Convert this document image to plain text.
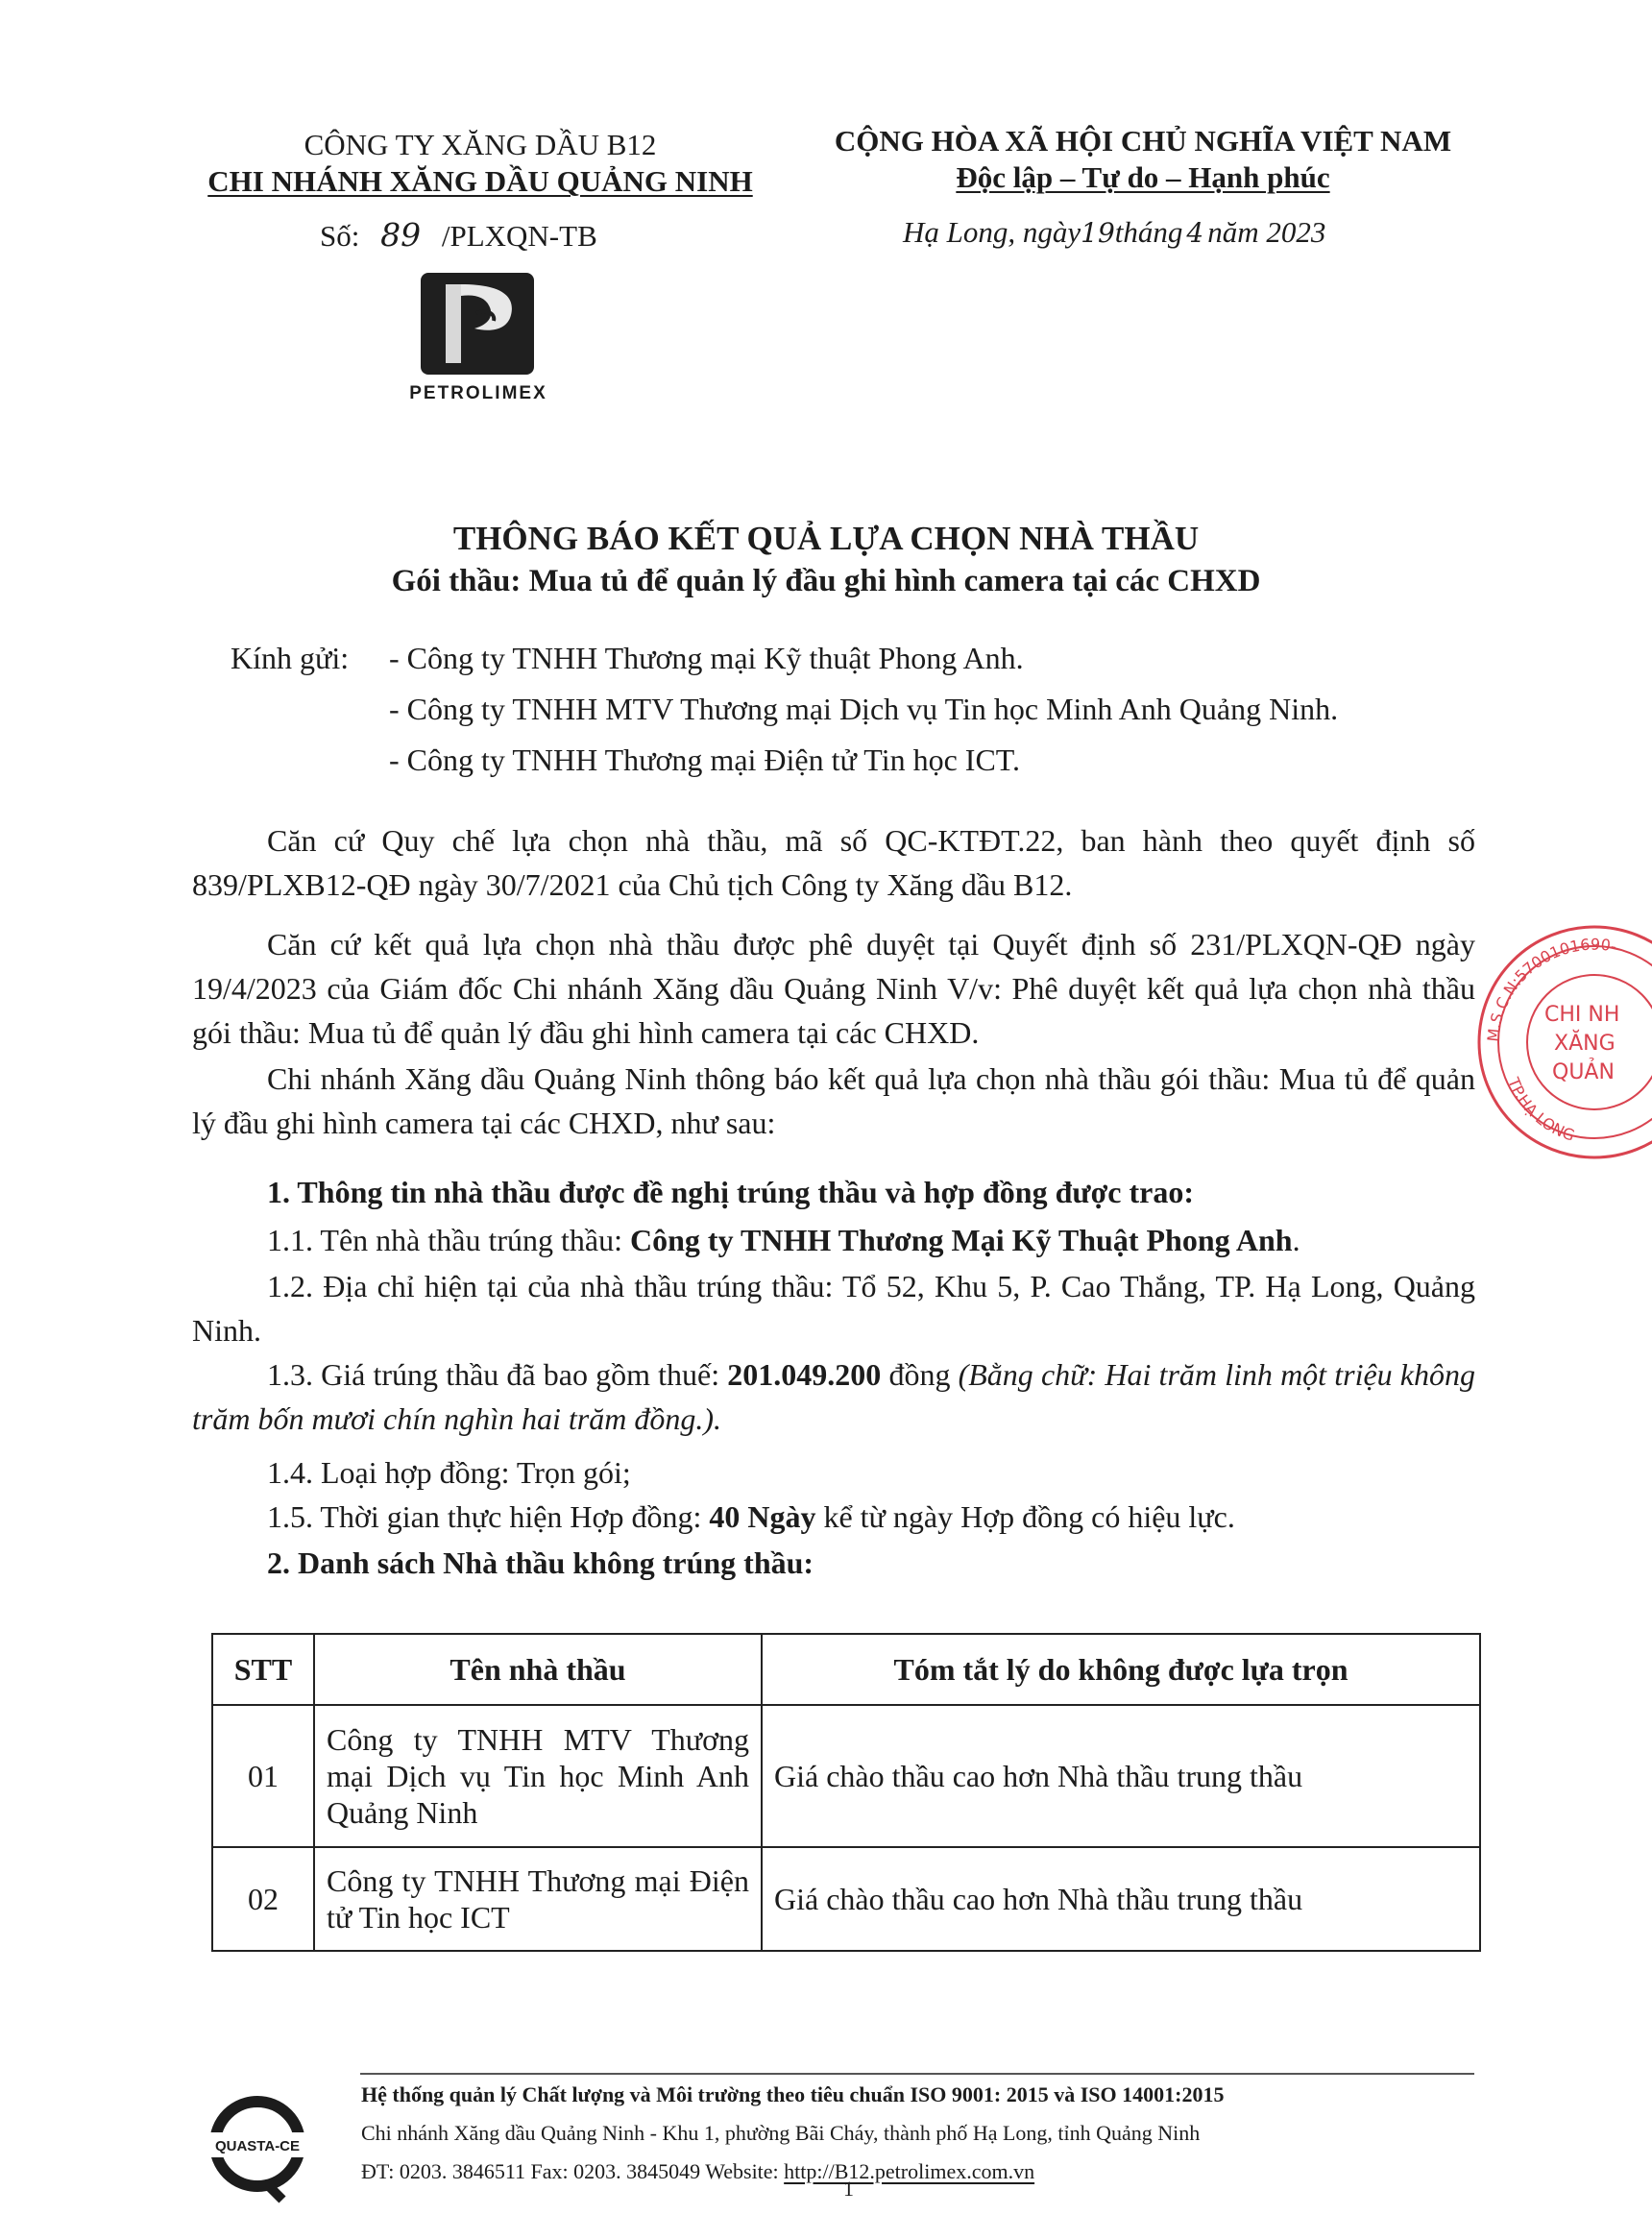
CÔNG TY XĂNG DẦU B12
CHI NHÁNH XĂNG DẦU QUẢNG NINH
Số: 89 /PLXQN-TB
PETROLIMEX
CỘNG HÒA XÃ HỘI CHỦ NGHĨA VIỆT NAM
Độc lập – Tự do – Hạnh phúc
Hạ Long, ngày19tháng 4 năm 2023
THÔNG BÁO KẾT QUẢ LỰA CHỌN NHÀ THẦU
Gói thầu: Mua tủ để quản lý đầu ghi hình camera tại các CHXD
Kính gửi: - Công ty TNHH Thương mại Kỹ thuật Phong Anh.
- Công ty TNHH MTV Thương mại Dịch vụ Tin học Minh Anh Quảng Ninh.
- Công ty TNHH Thương mại Điện tử Tin học ICT.
Căn cứ Quy chế lựa chọn nhà thầu, mã số QC-KTĐT.22, ban hành theo quyết định số 839/PLXB12-QĐ ngày 30/7/2021 của Chủ tịch Công ty Xăng dầu B12.
Căn cứ kết quả lựa chọn nhà thầu được phê duyệt tại Quyết định số 231/PLXQN-QĐ ngày 19/4/2023 của Giám đốc Chi nhánh Xăng dầu Quảng Ninh V/v: Phê duyệt kết quả lựa chọn nhà thầu gói thầu: Mua tủ để quản lý đầu ghi hình camera tại các CHXD.
Chi nhánh Xăng dầu Quảng Ninh thông báo kết quả lựa chọn nhà thầu gói thầu: Mua tủ để quản lý đầu ghi hình camera tại các CHXD, như sau:
1. Thông tin nhà thầu được đề nghị trúng thầu và hợp đồng được trao:
1.1. Tên nhà thầu trúng thầu: Công ty TNHH Thương Mại Kỹ Thuật Phong Anh.
1.2. Địa chỉ hiện tại của nhà thầu trúng thầu: Tổ 52, Khu 5, P. Cao Thắng, TP. Hạ Long, Quảng Ninh.
1.3. Giá trúng thầu đã bao gồm thuế: 201.049.200 đồng (Bằng chữ: Hai trăm linh một triệu không trăm bốn mươi chín nghìn hai trăm đồng.).
1.4. Loại hợp đồng: Trọn gói;
1.5. Thời gian thực hiện Hợp đồng: 40 Ngày kể từ ngày Hợp đồng có hiệu lực.
2. Danh sách Nhà thầu không trúng thầu:
STT	Tên nhà thầu	Tóm tắt lý do không được lựa trọn
01	Công ty TNHH MTV Thương mại Dịch vụ Tin học Minh Anh Quảng Ninh	Giá chào thầu cao hơn Nhà thầu trung thầu
02	Công ty TNHH Thương mại Điện tử Tin học ICT	Giá chào thầu cao hơn Nhà thầu trung thầu
M.S.C.N:5700101690-
TP.HẠ LONG
CHI NH
XĂNG
QUẢN
QUASTA-CE
Hệ thống quản lý Chất lượng và Môi trường theo tiêu chuẩn ISO 9001: 2015 và ISO 14001:2015
Chi nhánh Xăng dầu Quảng Ninh - Khu 1, phường Bãi Cháy, thành phố Hạ Long, tỉnh Quảng Ninh
ĐT: 0203. 3846511 Fax: 0203. 3845049 Website: http://B12.petrolimex.com.vn
1
